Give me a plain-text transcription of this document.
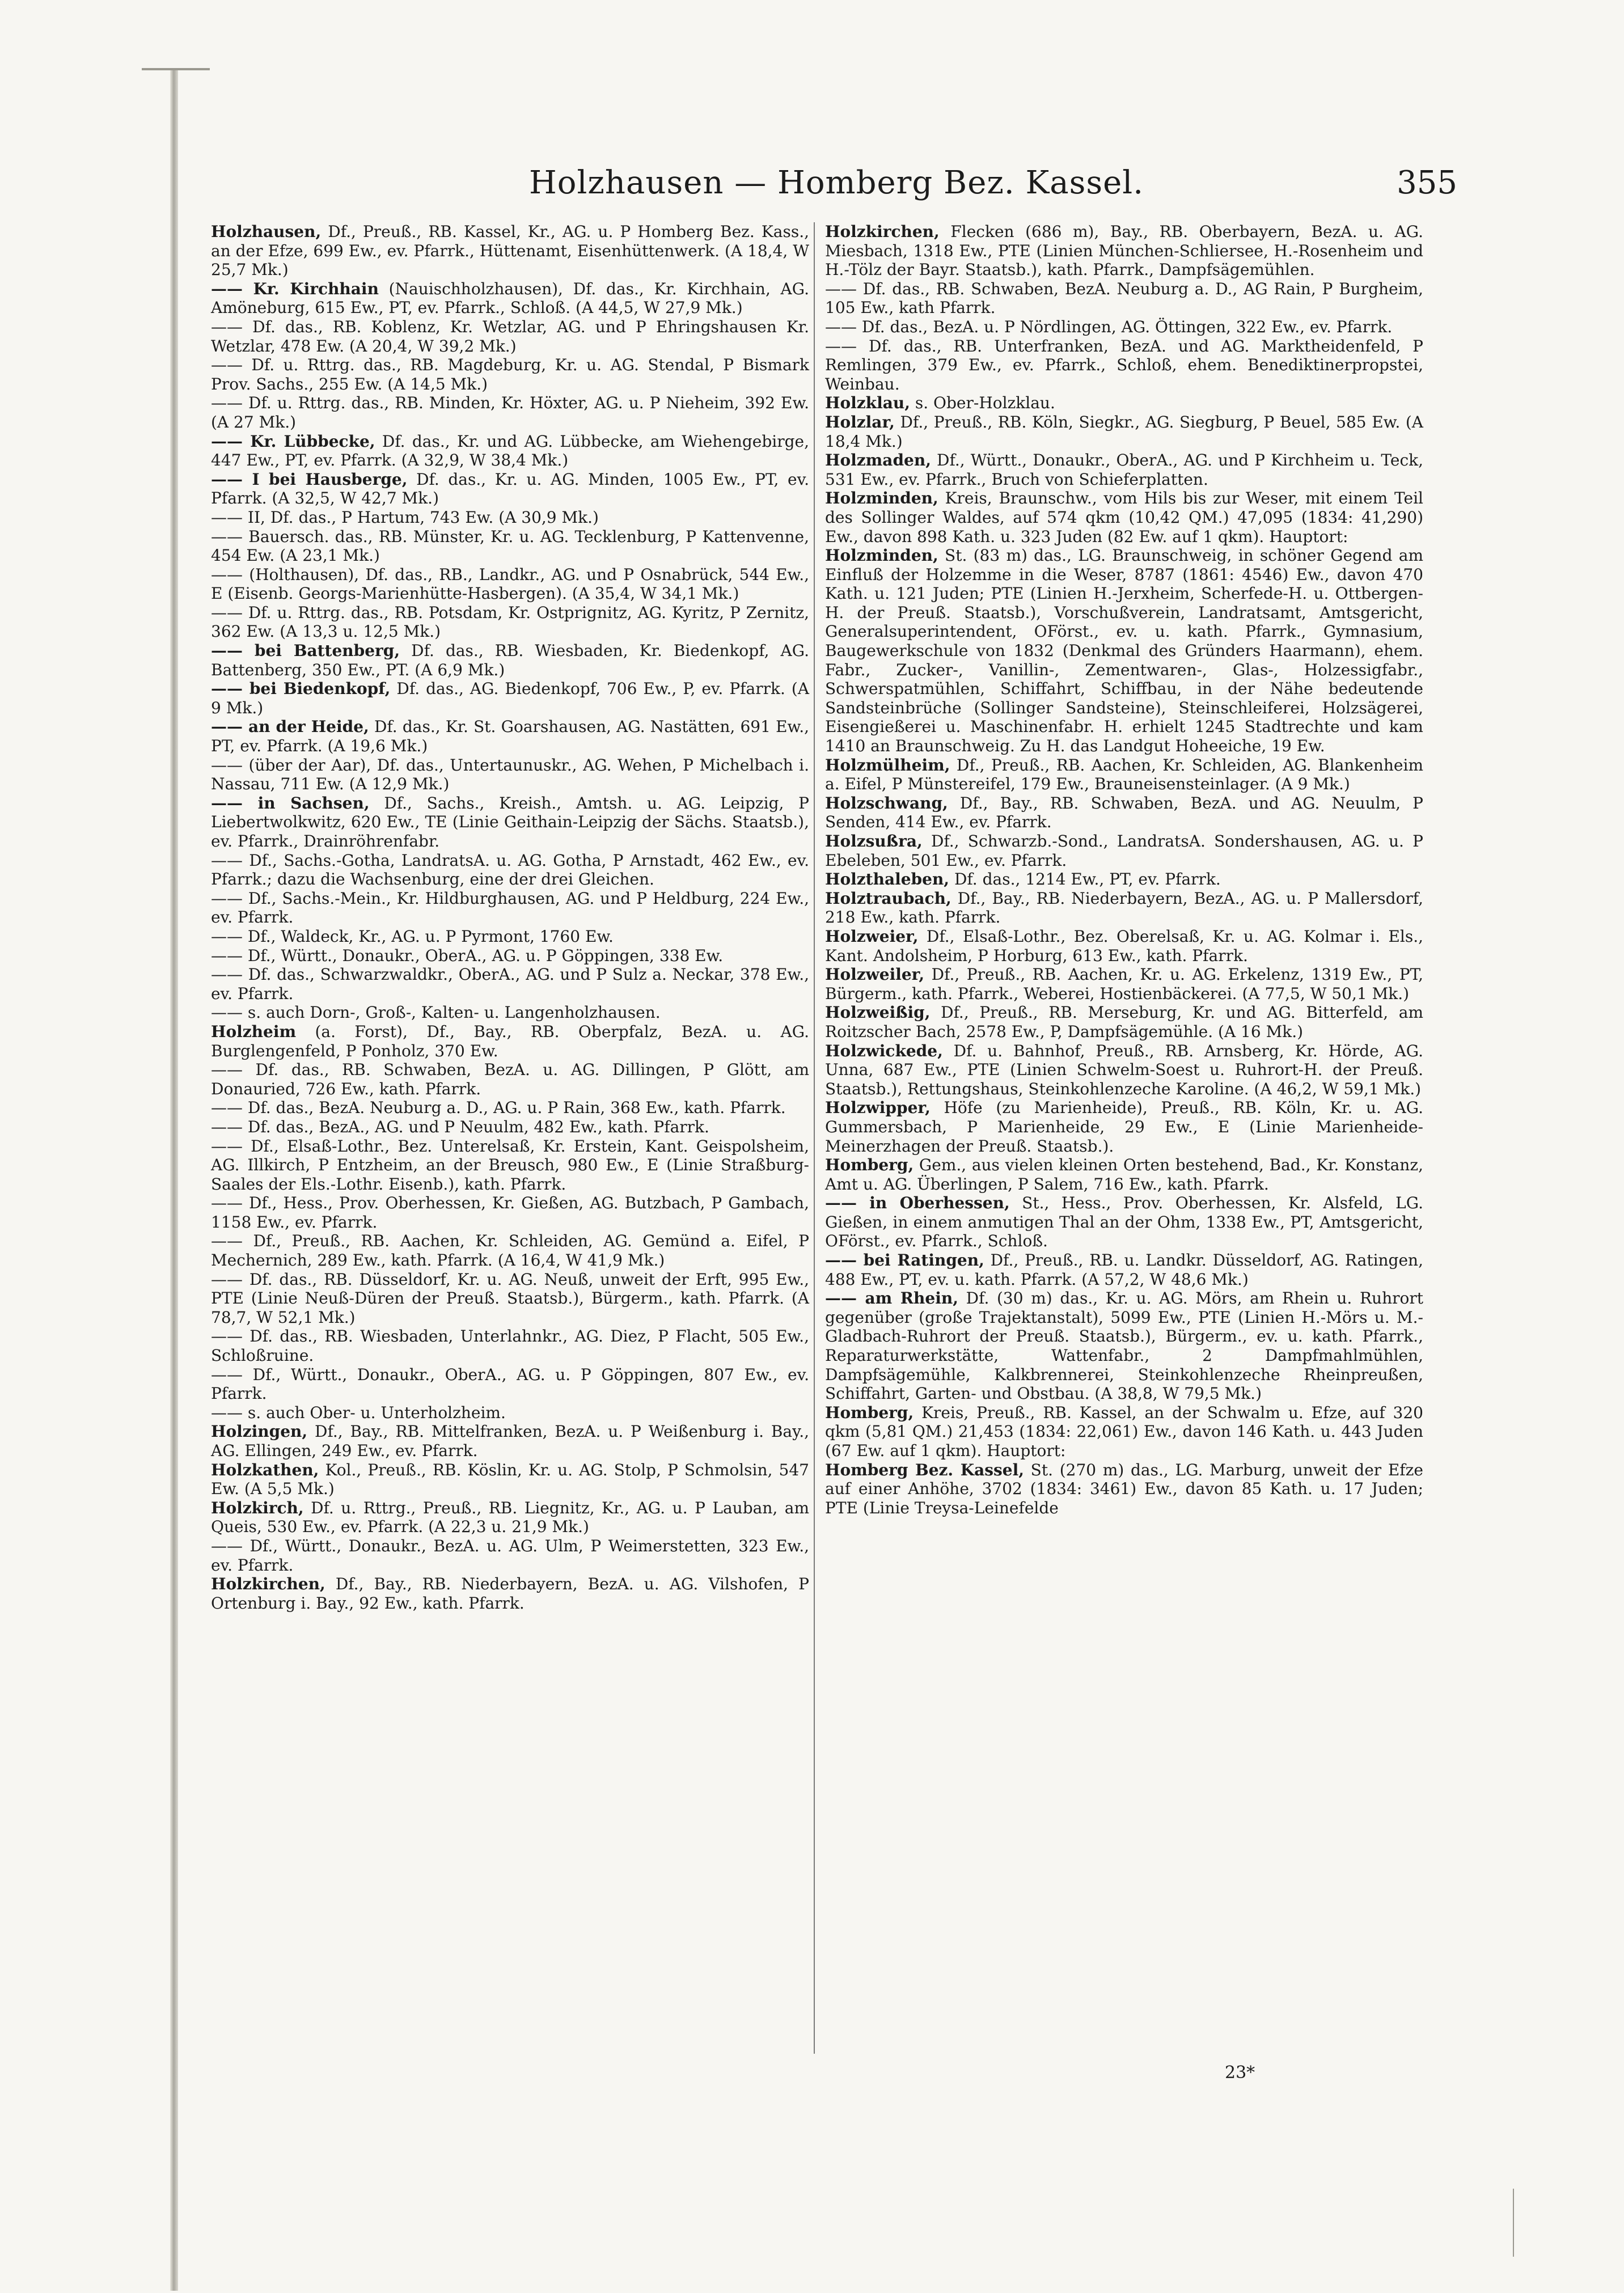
Holzhausen — Homberg Bez. Kassel.	355

Holzhausen, Df., Preuß., RB. Kassel, Kr., AG. u. P Homberg Bez. Kass., an der Efze, 699 Ew., ev. Pfarrk., Hüttenamt, Eisenhüttenwerk. (A 18,4, W 25,7 Mk.)

—— Kr. Kirchhain (Nauischholzhausen), Df. das., Kr. Kirchhain, AG. Amöneburg, 615 Ew., PT, ev. Pfarrk., Schloß. (A 44,5, W 27,9 Mk.)

—— Df. das., RB. Koblenz, Kr. Wetzlar, AG. und P Ehringshausen Kr. Wetzlar, 478 Ew. (A 20,4, W 39,2 Mk.)

—— Df. u. Rttrg. das., RB. Magdeburg, Kr. u. AG. Stendal, P Bismark Prov. Sachs., 255 Ew. (A 14,5 Mk.)

—— Df. u. Rttrg. das., RB. Minden, Kr. Höxter, AG. u. P Nieheim, 392 Ew. (A 27 Mk.)

—— Kr. Lübbecke, Df. das., Kr. und AG. Lübbecke, am Wiehengebirge, 447 Ew., PT, ev. Pfarrk. (A 32,9, W 38,4 Mk.)

—— I bei Hausberge, Df. das., Kr. u. AG. Minden, 1005 Ew., PT, ev. Pfarrk. (A 32,5, W 42,7 Mk.)

—— II, Df. das., P Hartum, 743 Ew. (A 30,9 Mk.)

—— Bauersch. das., RB. Münster, Kr. u. AG. Tecklenburg, P Kattenvenne, 454 Ew. (A 23,1 Mk.)

—— (Holthausen), Df. das., RB., Landkr., AG. und P Osnabrück, 544 Ew., E (Eisenb. Georgs-Marienhütte-Hasbergen). (A 35,4, W 34,1 Mk.)

—— Df. u. Rttrg. das., RB. Potsdam, Kr. Ostprignitz, AG. Kyritz, P Zernitz, 362 Ew. (A 13,3 u. 12,5 Mk.)

—— bei Battenberg, Df. das., RB. Wiesbaden, Kr. Biedenkopf, AG. Battenberg, 350 Ew., PT. (A 6,9 Mk.)

—— bei Biedenkopf, Df. das., AG. Biedenkopf, 706 Ew., P, ev. Pfarrk. (A 9 Mk.)

—— an der Heide, Df. das., Kr. St. Goarshausen, AG. Nastätten, 691 Ew., PT, ev. Pfarrk. (A 19,6 Mk.)

—— (über der Aar), Df. das., Untertaunuskr., AG. Wehen, P Michelbach i. Nassau, 711 Ew. (A 12,9 Mk.)

—— in Sachsen, Df., Sachs., Kreish., Amtsh. u. AG. Leipzig, P Liebertwolkwitz, 620 Ew., TE (Linie Geithain-Leipzig der Sächs. Staatsb.), ev. Pfarrk., Drainröhrenfabr.

—— Df., Sachs.-Gotha, LandratsA. u. AG. Gotha, P Arnstadt, 462 Ew., ev. Pfarrk.; dazu die Wachsenburg, eine der drei Gleichen.

—— Df., Sachs.-Mein., Kr. Hildburghausen, AG. und P Heldburg, 224 Ew., ev. Pfarrk.

—— Df., Waldeck, Kr., AG. u. P Pyrmont, 1760 Ew.

—— Df., Württ., Donaukr., OberA., AG. u. P Göppingen, 338 Ew.

—— Df. das., Schwarzwaldkr., OberA., AG. und P Sulz a. Neckar, 378 Ew., ev. Pfarrk.

—— s. auch Dorn-, Groß-, Kalten- u. Langenholzhausen.

Holzheim (a. Forst), Df., Bay., RB. Oberpfalz, BezA. u. AG. Burglengenfeld, P Ponholz, 370 Ew.

—— Df. das., RB. Schwaben, BezA. u. AG. Dillingen, P Glött, am Donauried, 726 Ew., kath. Pfarrk.

—— Df. das., BezA. Neuburg a. D., AG. u. P Rain, 368 Ew., kath. Pfarrk.

—— Df. das., BezA., AG. und P Neuulm, 482 Ew., kath. Pfarrk.

—— Df., Elsaß-Lothr., Bez. Unterelsaß, Kr. Erstein, Kant. Geispolsheim, AG. Illkirch, P Entzheim, an der Breusch, 980 Ew., E (Linie Straßburg-Saales der Els.-Lothr. Eisenb.), kath. Pfarrk.

—— Df., Hess., Prov. Oberhessen, Kr. Gießen, AG. Butzbach, P Gambach, 1158 Ew., ev. Pfarrk.

—— Df., Preuß., RB. Aachen, Kr. Schleiden, AG. Gemünd a. Eifel, P Mechernich, 289 Ew., kath. Pfarrk. (A 16,4, W 41,9 Mk.)

—— Df. das., RB. Düsseldorf, Kr. u. AG. Neuß, unweit der Erft, 995 Ew., PTE (Linie Neuß-Düren der Preuß. Staatsb.), Bürgerm., kath. Pfarrk. (A 78,7, W 52,1 Mk.)

—— Df. das., RB. Wiesbaden, Unterlahnkr., AG. Diez, P Flacht, 505 Ew., Schloßruine.

—— Df., Württ., Donaukr., OberA., AG. u. P Göppingen, 807 Ew., ev. Pfarrk.

—— s. auch Ober- u. Unterholzheim.

Holzingen, Df., Bay., RB. Mittelfranken, BezA. u. P Weißenburg i. Bay., AG. Ellingen, 249 Ew., ev. Pfarrk.

Holzkathen, Kol., Preuß., RB. Köslin, Kr. u. AG. Stolp, P Schmolsin, 547 Ew. (A 5,5 Mk.)

Holzkirch, Df. u. Rttrg., Preuß., RB. Liegnitz, Kr., AG. u. P Lauban, am Queis, 530 Ew., ev. Pfarrk. (A 22,3 u. 21,9 Mk.)

—— Df., Württ., Donaukr., BezA. u. AG. Ulm, P Weimerstetten, 323 Ew., ev. Pfarrk.

Holzkirchen, Df., Bay., RB. Niederbayern, BezA. u. AG. Vilshofen, P Ortenburg i. Bay., 92 Ew., kath. Pfarrk.

Holzkirchen, Flecken (686 m), Bay., RB. Oberbayern, BezA. u. AG. Miesbach, 1318 Ew., PTE (Linien München-Schliersee, H.-Rosenheim und H.-Tölz der Bayr. Staatsb.), kath. Pfarrk., Dampfsägemühlen.

—— Df. das., RB. Schwaben, BezA. Neuburg a. D., AG Rain, P Burgheim, 105 Ew., kath Pfarrk.

—— Df. das., BezA. u. P Nördlingen, AG. Öttingen, 322 Ew., ev. Pfarrk.

—— Df. das., RB. Unterfranken, BezA. und AG. Marktheidenfeld, P Remlingen, 379 Ew., ev. Pfarrk., Schloß, ehem. Benediktinerpropstei, Weinbau.

Holzklau, s. Ober-Holzklau.

Holzlar, Df., Preuß., RB. Köln, Siegkr., AG. Siegburg, P Beuel, 585 Ew. (A 18,4 Mk.)

Holzmaden, Df., Württ., Donaukr., OberA., AG. und P Kirchheim u. Teck, 531 Ew., ev. Pfarrk., Bruch von Schieferplatten.

Holzminden, Kreis, Braunschw., vom Hils bis zur Weser, mit einem Teil des Sollinger Waldes, auf 574 qkm (10,42 QM.) 47,095 (1834: 41,290) Ew., davon 898 Kath. u. 323 Juden (82 Ew. auf 1 qkm). Hauptort:

Holzminden, St. (83 m) das., LG. Braunschweig, in schöner Gegend am Einfluß der Holzemme in die Weser, 8787 (1861: 4546) Ew., davon 470 Kath. u. 121 Juden; PTE (Linien H.-Jerxheim, Scherfede-H. u. Ottbergen-H. der Preuß. Staatsb.), Vorschußverein, Landratsamt, Amtsgericht, Generalsuperintendent, OFörst., ev. u. kath. Pfarrk., Gymnasium, Baugewerkschule von 1832 (Denkmal des Gründers Haarmann), ehem. Fabr., Zucker-, Vanillin-, Zementwaren-, Glas-, Holzessigfabr., Schwerspatmühlen, Schiffahrt, Schiffbau, in der Nähe bedeutende Sandsteinbrüche (Sollinger Sandsteine), Steinschleiferei, Holzsägerei, Eisengießerei u. Maschinenfabr. H. erhielt 1245 Stadtrechte und kam 1410 an Braunschweig. Zu H. das Landgut Hoheeiche, 19 Ew.

Holzmülheim, Df., Preuß., RB. Aachen, Kr. Schleiden, AG. Blankenheim a. Eifel, P Münstereifel, 179 Ew., Brauneisensteinlager. (A 9 Mk.)

Holzschwang, Df., Bay., RB. Schwaben, BezA. und AG. Neuulm, P Senden, 414 Ew., ev. Pfarrk.

Holzsußra, Df., Schwarzb.-Sond., LandratsA. Sondershausen, AG. u. P Ebeleben, 501 Ew., ev. Pfarrk.

Holzthaleben, Df. das., 1214 Ew., PT, ev. Pfarrk.

Holztraubach, Df., Bay., RB. Niederbayern, BezA., AG. u. P Mallersdorf, 218 Ew., kath. Pfarrk.

Holzweier, Df., Elsaß-Lothr., Bez. Oberelsaß, Kr. u. AG. Kolmar i. Els., Kant. Andolsheim, P Horburg, 613 Ew., kath. Pfarrk.

Holzweiler, Df., Preuß., RB. Aachen, Kr. u. AG. Erkelenz, 1319 Ew., PT, Bürgerm., kath. Pfarrk., Weberei, Hostienbäckerei. (A 77,5, W 50,1 Mk.)

Holzweißig, Df., Preuß., RB. Merseburg, Kr. und AG. Bitterfeld, am Roitzscher Bach, 2578 Ew., P, Dampfsägemühle. (A 16 Mk.)

Holzwickede, Df. u. Bahnhof, Preuß., RB. Arnsberg, Kr. Hörde, AG. Unna, 687 Ew., PTE (Linien Schwelm-Soest u. Ruhrort-H. der Preuß. Staatsb.), Rettungshaus, Steinkohlenzeche Karoline. (A 46,2, W 59,1 Mk.)

Holzwipper, Höfe (zu Marienheide), Preuß., RB. Köln, Kr. u. AG. Gummersbach, P Marienheide, 29 Ew., E (Linie Marienheide-Meinerzhagen der Preuß. Staatsb.).

Homberg, Gem., aus vielen kleinen Orten bestehend, Bad., Kr. Konstanz, Amt u. AG. Überlingen, P Salem, 716 Ew., kath. Pfarrk.

—— in Oberhessen, St., Hess., Prov. Oberhessen, Kr. Alsfeld, LG. Gießen, in einem anmutigen Thal an der Ohm, 1338 Ew., PT, Amtsgericht, OFörst., ev. Pfarrk., Schloß.

—— bei Ratingen, Df., Preuß., RB. u. Landkr. Düsseldorf, AG. Ratingen, 488 Ew., PT, ev. u. kath. Pfarrk. (A 57,2, W 48,6 Mk.)

—— am Rhein, Df. (30 m) das., Kr. u. AG. Mörs, am Rhein u. Ruhrort gegenüber (große Trajektanstalt), 5099 Ew., PTE (Linien H.-Mörs u. M.-Gladbach-Ruhrort der Preuß. Staatsb.), Bürgerm., ev. u. kath. Pfarrk., Reparaturwerkstätte, Wattenfabr., 2 Dampfmahlmühlen, Dampfsägemühle, Kalkbrennerei, Steinkohlenzeche Rheinpreußen, Schiffahrt, Garten- und Obstbau. (A 38,8, W 79,5 Mk.)

Homberg, Kreis, Preuß., RB. Kassel, an der Schwalm u. Efze, auf 320 qkm (5,81 QM.) 21,453 (1834: 22,061) Ew., davon 146 Kath. u. 443 Juden (67 Ew. auf 1 qkm). Hauptort:

Homberg Bez. Kassel, St. (270 m) das., LG. Marburg, unweit der Efze auf einer Anhöhe, 3702 (1834: 3461) Ew., davon 85 Kath. u. 17 Juden; PTE (Linie Treysa-Leinefelde

23*
